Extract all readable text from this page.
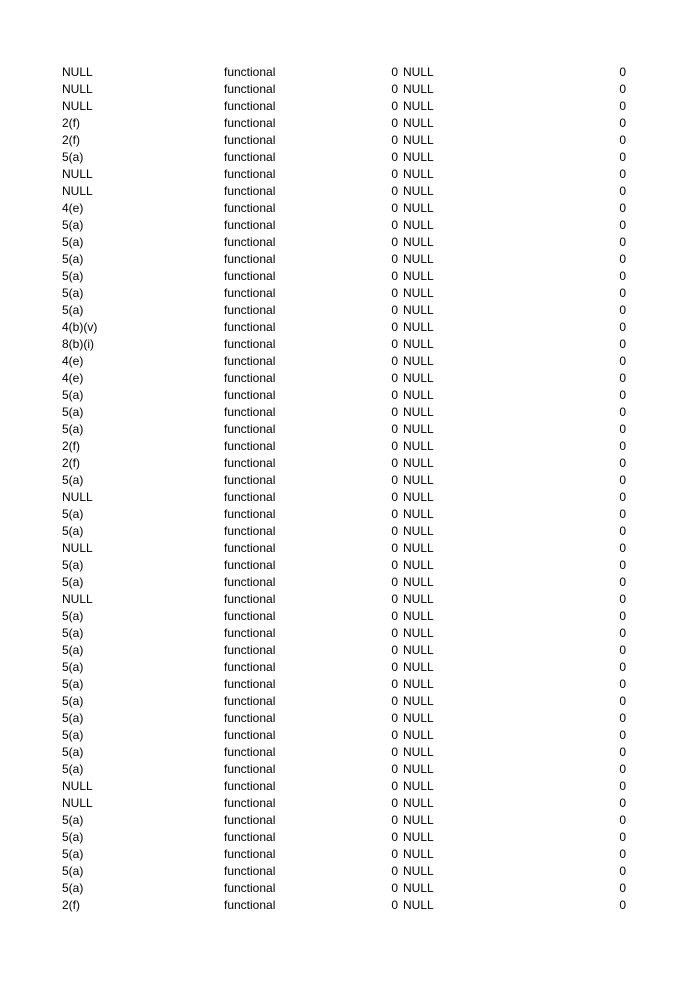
NULL	functional	0 NULL	0
NULL	functional	0 NULL	0
NULL	functional	0 NULL	0
2(f)	functional	0 NULL	0
2(f)	functional	0 NULL	0
5(a)	functional	0 NULL	0
NULL	functional	0 NULL	0
NULL	functional	0 NULL	0
4(e)	functional	0 NULL	0
5(a)	functional	0 NULL	0
5(a)	functional	0 NULL	0
5(a)	functional	0 NULL	0
5(a)	functional	0 NULL	0
5(a)	functional	0 NULL	0
5(a)	functional	0 NULL	0
4(b)(v)	functional	0 NULL	0
8(b)(i)	functional	0 NULL	0
4(e)	functional	0 NULL	0
4(e)	functional	0 NULL	0
5(a)	functional	0 NULL	0
5(a)	functional	0 NULL	0
5(a)	functional	0 NULL	0
2(f)	functional	0 NULL	0
2(f)	functional	0 NULL	0
5(a)	functional	0 NULL	0
NULL	functional	0 NULL	0
5(a)	functional	0 NULL	0
5(a)	functional	0 NULL	0
NULL	functional	0 NULL	0
5(a)	functional	0 NULL	0
5(a)	functional	0 NULL	0
NULL	functional	0 NULL	0
5(a)	functional	0 NULL	0
5(a)	functional	0 NULL	0
5(a)	functional	0 NULL	0
5(a)	functional	0 NULL	0
5(a)	functional	0 NULL	0
5(a)	functional	0 NULL	0
5(a)	functional	0 NULL	0
5(a)	functional	0 NULL	0
5(a)	functional	0 NULL	0
5(a)	functional	0 NULL	0
NULL	functional	0 NULL	0
NULL	functional	0 NULL	0
5(a)	functional	0 NULL	0
5(a)	functional	0 NULL	0
5(a)	functional	0 NULL	0
5(a)	functional	0 NULL	0
5(a)	functional	0 NULL	0
2(f)	functional	0 NULL	0
